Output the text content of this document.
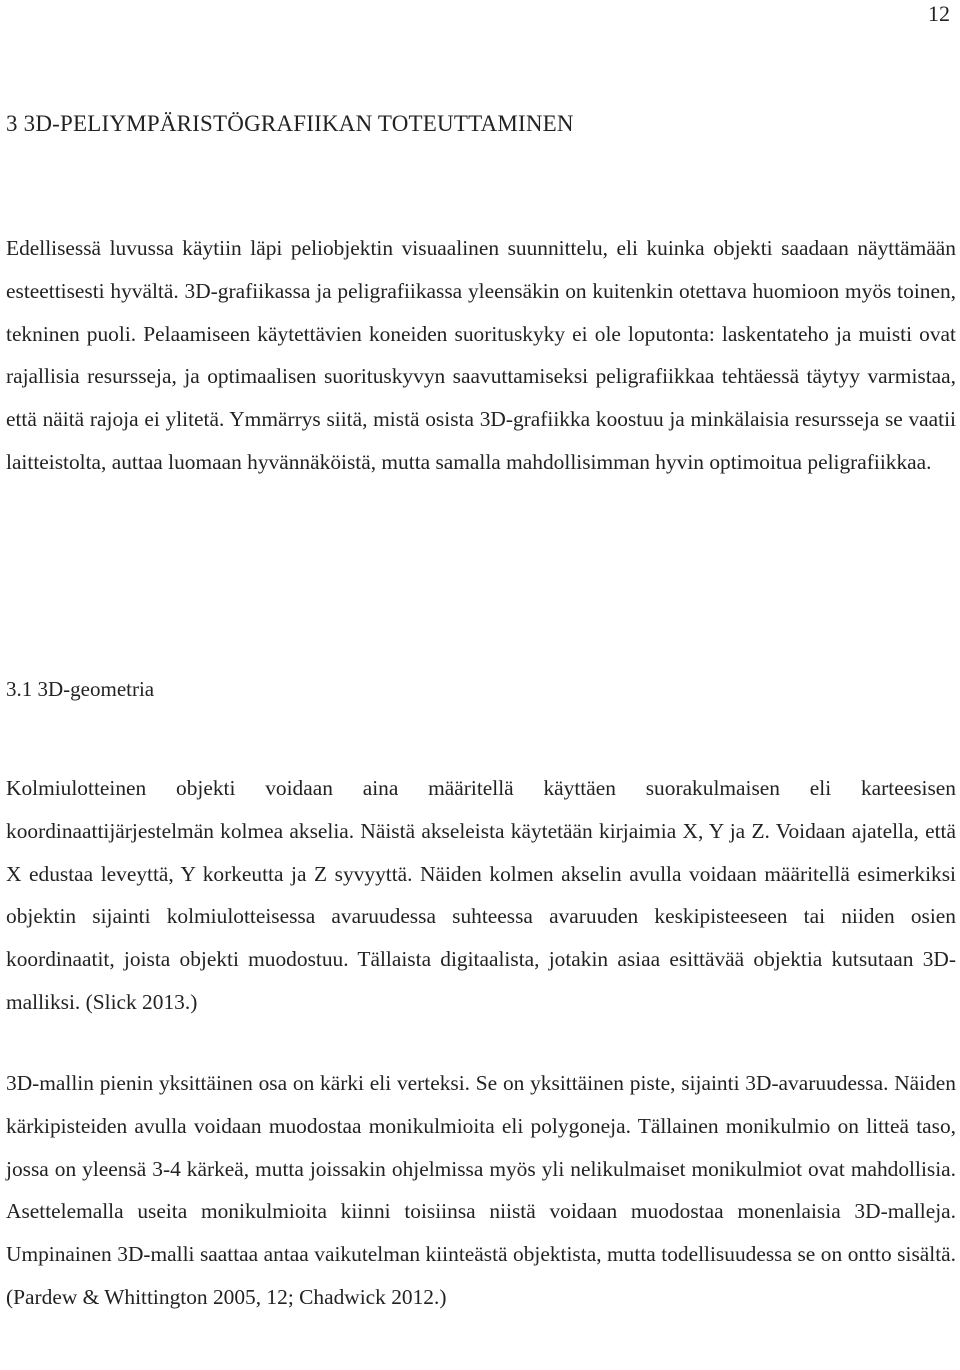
12
3 3D-PELIYMPÄRISTÖGRAFIIKAN TOTEUTTAMINEN

Edellisessä luvussa käytiin läpi peliobjektin visuaalinen suunnittelu, eli kuinka objekti saadaan näyttämään esteettisesti hyvältä. 3D-grafiikassa ja peligrafiikassa yleensäkin on kuitenkin otettava huomioon myös toinen, tekninen puoli. Pelaamiseen käytettävien koneiden suorituskyky ei ole loputonta: laskentateho ja muisti ovat rajallisia resursseja, ja optimaalisen suorituskyvyn saavuttamiseksi peligrafiikkaa tehtäessä täytyy varmistaa, että näitä rajoja ei ylitetä. Ymmärrys siitä, mistä osista 3D-grafiikka koostuu ja minkälaisia resursseja se vaatii laitteistolta, auttaa luomaan hyvännäköistä, mutta samalla mahdollisimman hyvin optimoitua peligrafiikkaa.

3.1 3D-geometria

Kolmiulotteinen objekti voidaan aina määritellä käyttäen suorakulmaisen eli karteesisen koordinaattijärjestelmän kolmea akselia. Näistä akseleista käytetään kirjaimia X, Y ja Z. Voidaan ajatella, että X edustaa leveyttä, Y korkeutta ja Z syvyyttä. Näiden kolmen akselin avulla voidaan määritellä esimerkiksi objektin sijainti kolmiulotteisessa avaruudessa suhteessa avaruuden keskipisteeseen tai niiden osien koordinaatit, joista objekti muodostuu. Tällaista digitaalista, jotakin asiaa esittävää objektia kutsutaan 3D-malliksi. (Slick 2013.)

3D-mallin pienin yksittäinen osa on kärki eli verteksi. Se on yksittäinen piste, sijainti 3D-avaruudessa. Näiden kärkipisteiden avulla voidaan muodostaa monikulmioita eli polygoneja. Tällainen monikulmio on litteä taso, jossa on yleensä 3-4 kärkeä, mutta joissakin ohjelmissa myös yli nelikulmaiset monikulmiot ovat mahdollisia. Asettelemalla useita monikulmioita kiinni toisiinsa niistä voidaan muodostaa monenlaisia 3D-malleja. Umpinainen 3D-malli saattaa antaa vaikutelman kiinteästä objektista, mutta todellisuudessa se on ontto sisältä. (Pardew & Whittington 2005, 12; Chadwick 2012.)
